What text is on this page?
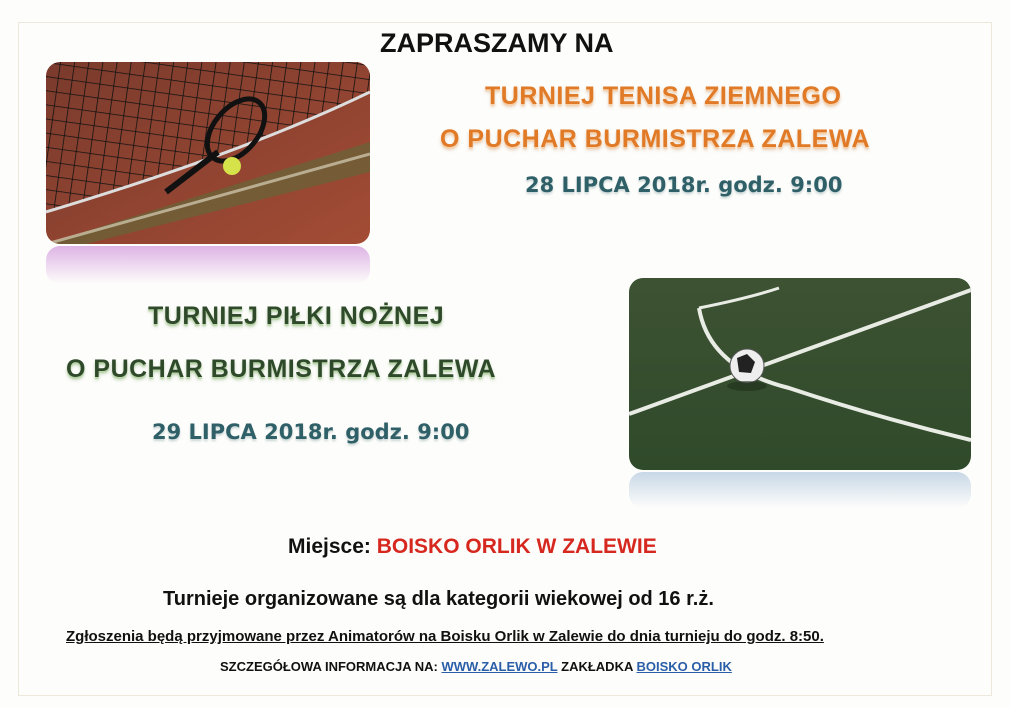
ZAPRASZAMY NA
TURNIEJ TENISA ZIEMNEGO
O PUCHAR BURMISTRZA ZALEWA
28 LIPCA 2018r. godz. 9:00
TURNIEJ PIŁKI NOŻNEJ
O PUCHAR BURMISTRZA ZALEWA
29 LIPCA 2018r. godz. 9:00
Miejsce: BOISKO ORLIK W ZALEWIE
Turnieje organizowane są dla kategorii wiekowej od 16 r.ż.
Zgłoszenia będą przyjmowane przez Animatorów na Boisku Orlik w Zalewie do dnia turnieju do godz. 8:50.
SZCZEGÓŁOWA INFORMACJA NA: WWW.ZALEWO.PL ZAKŁADKA BOISKO ORLIK
